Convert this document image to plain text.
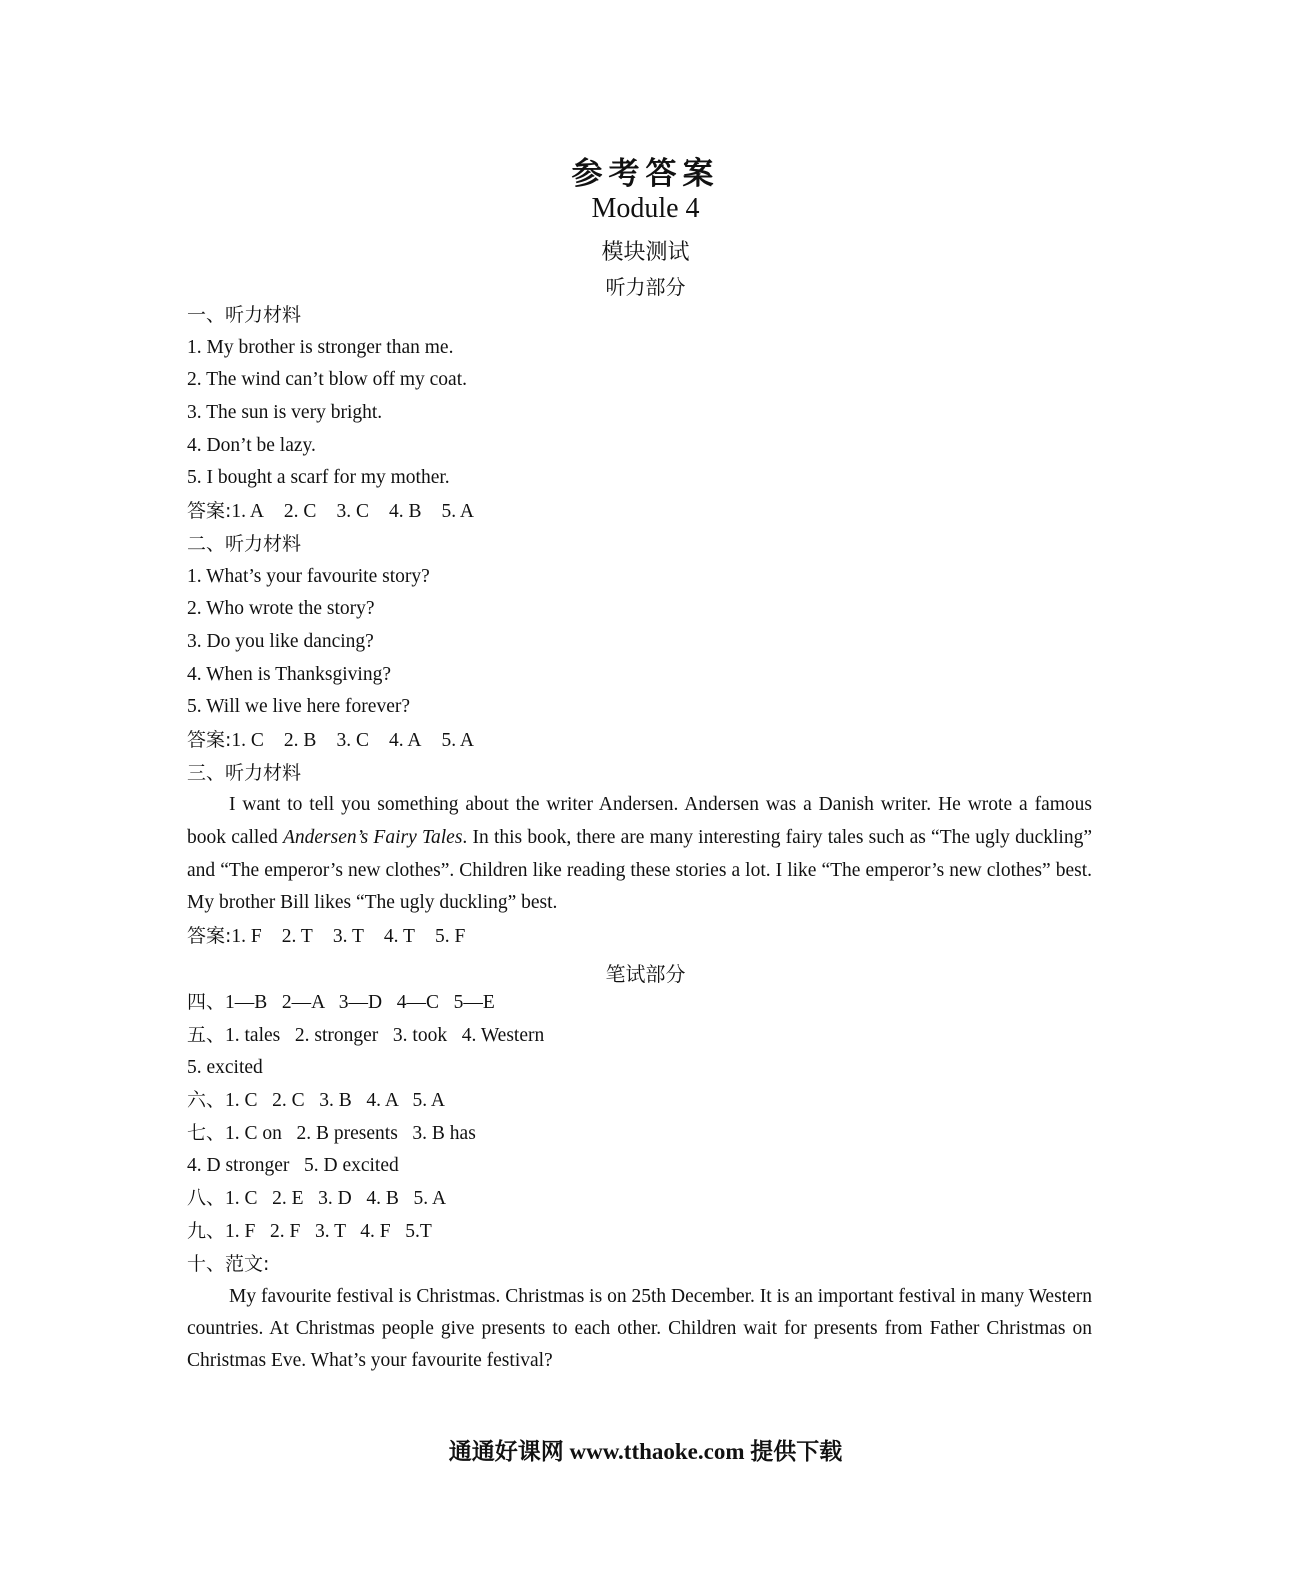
参考答案
Module 4
模块测试
听力部分
一、听力材料
1. My brother is stronger than me.
2. The wind can’t blow off my coat.
3. The sun is very bright.
4. Don’t be lazy.
5. I bought a scarf for my mother.
答案:1. A 2. C 3. C 4. B 5. A
二、听力材料
1. What’s your favourite story?
2. Who wrote the story?
3. Do you like dancing?
4. When is Thanksgiving?
5. Will we live here forever?
答案:1. C 2. B 3. C 4. A 5. A
三、听力材料
I want to tell you something about the writer Andersen. Andersen was a Danish writer. He wrote a famous book called Andersen’s Fairy Tales. In this book, there are many interesting fairy tales such as “The ugly duckling” and “The emperor’s new clothes”. Children like reading these stories a lot. I like “The emperor’s new clothes” best. My brother Bill likes “The ugly duckling” best.
答案:1. F 2. T 3. T 4. T 5. F
笔试部分
四、1—B   2—A   3—D   4—C   5—E
五、1. tales   2. stronger   3. took   4. Western
5. excited
六、1. C   2. C   3. B   4. A   5. A
七、1. C on   2. B presents   3. B has
4. D stronger   5. D excited
八、1. C   2. E   3. D   4. B   5. A
九、1. F   2. F   3. T   4. F   5.T
十、范文:
My favourite festival is Christmas. Christmas is on 25th December. It is an important festival in many Western countries. At Christmas people give presents to each other. Children wait for presents from Father Christmas on Christmas Eve. What’s your favourite festival?
通通好课网 www.tthaoke.com 提供下载
